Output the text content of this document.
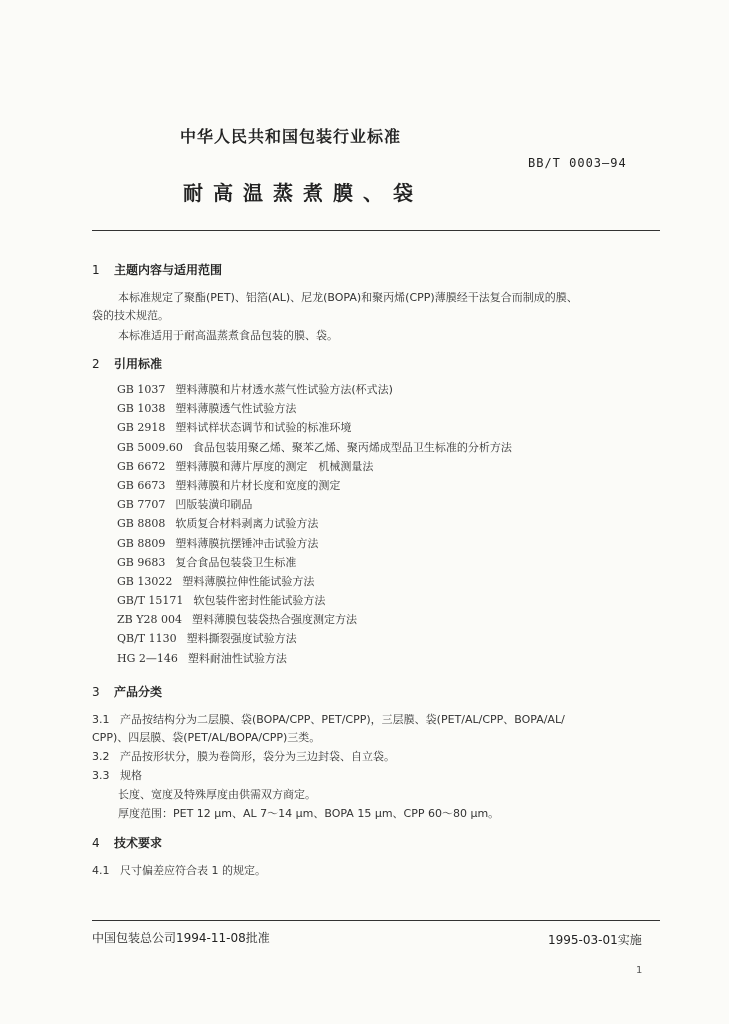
中华人民共和国包装行业标准
BB/T 0003—94
耐高温蒸煮膜、袋
1 主题内容与适用范围
本标准规定了聚酯(PET)、铝箔(AL)、尼龙(BOPA)和聚丙烯(CPP)薄膜经干法复合而制成的膜、
袋的技术规范。
本标准适用于耐高温蒸煮食品包装的膜、袋。
2 引用标准
GB 1037 塑料薄膜和片材透水蒸气性试验方法(杯式法)
GB 1038 塑料薄膜透气性试验方法
GB 2918 塑料试样状态调节和试验的标准环境
GB 5009.60 食品包装用聚乙烯、聚苯乙烯、聚丙烯成型品卫生标准的分析方法
GB 6672 塑料薄膜和薄片厚度的测定　机械测量法
GB 6673 塑料薄膜和片材长度和宽度的测定
GB 7707 凹版装潢印刷品
GB 8808 软质复合材料剥离力试验方法
GB 8809 塑料薄膜抗摆锤冲击试验方法
GB 9683 复合食品包装袋卫生标准
GB 13022 塑料薄膜拉伸性能试验方法
GB/T 15171 软包装件密封性能试验方法
ZB Y28 004 塑料薄膜包装袋热合强度测定方法
QB/T 1130 塑料撕裂强度试验方法
HG 2—146 塑料耐油性试验方法
3 产品分类
3.1 产品按结构分为二层膜、袋(BOPA/CPP、PET/CPP)，三层膜、袋(PET/AL/CPP、BOPA/AL/
CPP)、四层膜、袋(PET/AL/BOPA/CPP)三类。
3.2 产品按形状分，膜为卷筒形，袋分为三边封袋、自立袋。
3.3 规格
长度、宽度及特殊厚度由供需双方商定。
厚度范围：PET 12 μm、AL 7～14 μm、BOPA 15 μm、CPP 60～80 μm。
4 技术要求
4.1 尺寸偏差应符合表 1 的规定。
中国包装总公司1994-11-08批准	1995-03-01实施
1
